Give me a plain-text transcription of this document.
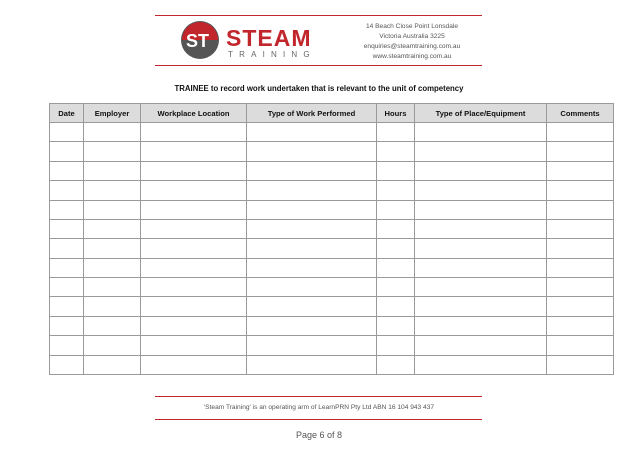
ST STEAM
TRAINING
14 Beach Close Point Lonsdale
Victoria Australia 3225
enquiries@steamtraining.com.au
www.steamtraining.com.au
TRAINEE to record work undertaken that is relevant to the unit of competency
Date	Employer	Workplace Location	Type of Work Performed	Hours	Type of Place/Equipment	Comments

'Steam Training' is an operating arm of LearnPRN Pty Ltd ABN 16 104 943 437
Page 6 of 8
